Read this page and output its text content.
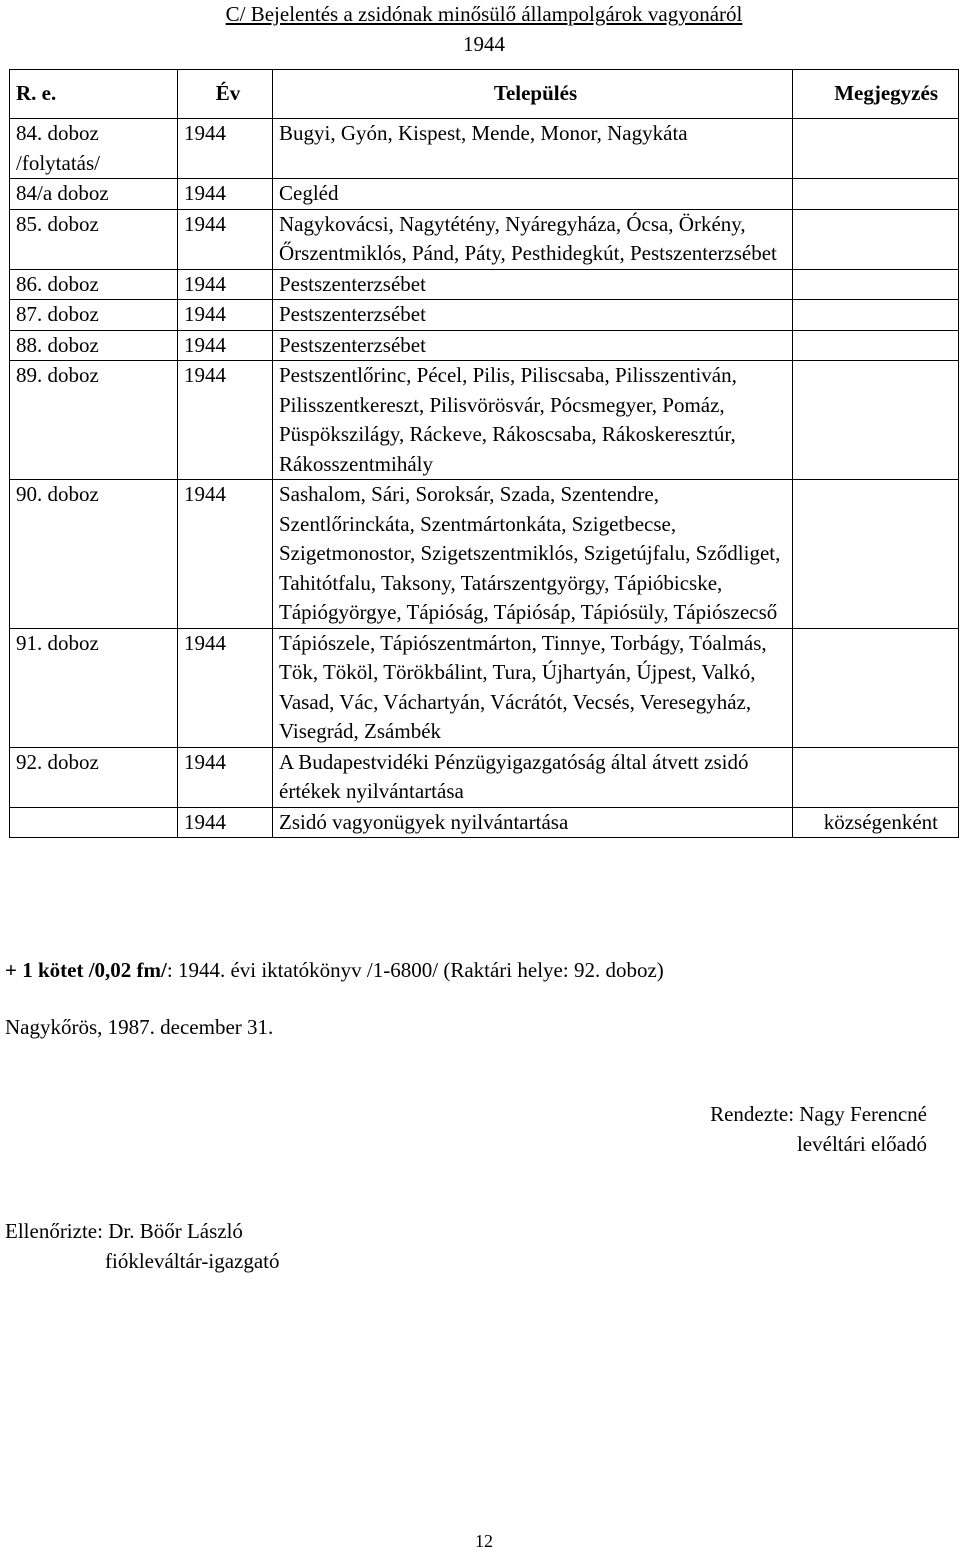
C/ Bejelentés a zsidónak minősülő állampolgárok vagyonáról
1944
R. e.	Év	Település	Megjegyzés
84. doboz /folytatás/	1944	Bugyi, Gyón, Kispest, Mende, Monor, Nagykáta	
84/a doboz	1944	Cegléd	
85. doboz	1944	Nagykovácsi, Nagytétény, Nyáregyháza, Ócsa, Örkény, Őrszentmiklós, Pánd, Páty, Pesthidegkút, Pestszenterzsébet	
86. doboz	1944	Pestszenterzsébet	
87. doboz	1944	Pestszenterzsébet	
88. doboz	1944	Pestszenterzsébet	
89. doboz	1944	Pestszentlőrinc, Pécel, Pilis, Piliscsaba, Pilisszentiván, Pilisszentkereszt, Pilisvörösvár, Pócsmegyer, Pomáz, Püspökszilágy, Ráckeve, Rákoscsaba, Rákoskeresztúr, Rákosszentmihály	
90. doboz	1944	Sashalom, Sári, Soroksár, Szada, Szentendre, Szentlőrinckáta, Szentmártonkáta, Szigetbecse, Szigetmonostor, Szigetszentmiklós, Szigetújfalu, Sződliget, Tahitótfalu, Taksony, Tatárszentgyörgy, Tápióbicske, Tápiógyörgye, Tápióság, Tápiósáp, Tápiósüly, Tápiószecső	
91. doboz	1944	Tápiószele, Tápiószentmárton, Tinnye, Torbágy, Tóalmás, Tök, Tököl, Törökbálint, Tura, Újhartyán, Újpest, Valkó, Vasad, Vác, Váchartyán, Vácrátót, Vecsés, Veresegyház, Visegrád, Zsámbék	
92. doboz	1944	A Budapestvidéki Pénzügyigazgatóság által átvett zsidó értékek nyilvántartása	
	1944	Zsidó vagyonügyek nyilvántartása	községenként
+ 1 kötet /0,02 fm/: 1944. évi iktatókönyv /1-6800/ (Raktári helye: 92. doboz)
Nagykőrös, 1987. december 31.
Rendezte: Nagy Ferencné
levéltári előadó
Ellenőrizte: Dr. Böőr László
fiókleváltár-igazgató
12
